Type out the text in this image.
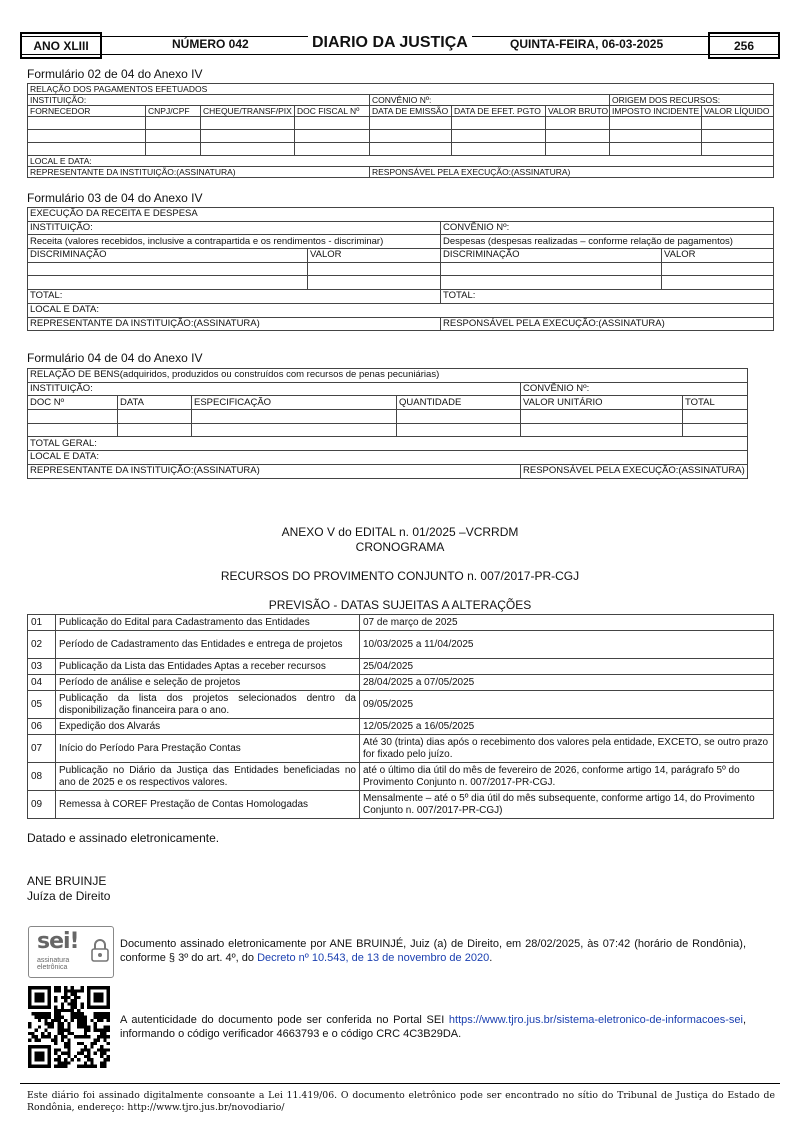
ANO XLIII	NÚMERO 042	DIARIO DA JUSTIÇA	QUINTA-FEIRA, 06-03-2025	256
Formulário 02 de 04 do Anexo IV
RELAÇÃO DOS PAGAMENTOS EFETUADOS								
INSTITUIÇÃO:				CONVÊNIO Nº:			ORIGEM DOS RECURSOS:	
FORNECEDOR	CNPJ/CPF	CHEQUE/TRANSF/PIX	DOC FISCAL Nº	DATA DE EMISSÃO	DATA DE EFET. PGTO	VALOR BRUTO	IMPOSTO INCIDENTE	VALOR LÍQUIDO

LOCAL E DATA:								
REPRESENTANTE DA INSTITUIÇÃO:(ASSINATURA)				RESPONSÁVEL PELA EXECUÇÃO:(ASSINATURA)				
Formulário 03 de 04 do Anexo IV
EXECUÇÃO DA RECEITA E DESPESA			
INSTITUIÇÃO:		CONVÊNIO Nº:	
Receita (valores recebidos, inclusive a contrapartida e os rendimentos - discriminar)		Despesas (despesas realizadas – conforme relação de pagamentos)	
DISCRIMINAÇÃO	VALOR	DISCRIMINAÇÃO	VALOR

TOTAL:		TOTAL:	
LOCAL E DATA:			
REPRESENTANTE DA INSTITUIÇÃO:(ASSINATURA)		RESPONSÁVEL PELA EXECUÇÃO:(ASSINATURA)	
Formulário 04 de 04 do Anexo IV
RELAÇÃO DE BENS(adquiridos, produzidos ou construídos com recursos de penas pecuniárias)					
INSTITUIÇÃO:				CONVÊNIO Nº:	
DOC Nº	DATA	ESPECIFICAÇÃO	QUANTIDADE	VALOR UNITÁRIO	TOTAL

TOTAL GERAL:					
LOCAL E DATA:					
REPRESENTANTE DA INSTITUIÇÃO:(ASSINATURA)				RESPONSÁVEL PELA EXECUÇÃO:(ASSINATURA)	
ANEXO V do EDITAL n. 01/2025 –VCRRDM
CRONOGRAMA
RECURSOS DO PROVIMENTO CONJUNTO n. 007/2017-PR-CGJ
PREVISÃO - DATAS SUJEITAS A ALTERAÇÕES
01	Publicação do Edital para Cadastramento das Entidades	07 de março de 2025
02	Período de Cadastramento das Entidades e entrega de projetos	10/03/2025 a 11/04/2025
03	Publicação da Lista das Entidades Aptas a receber recursos	25/04/2025
04	Período de análise e seleção de projetos	28/04/2025 a 07/05/2025
05	Publicação da lista dos projetos selecionados dentro da disponibilização financeira para o ano.	09/05/2025
06	Expedição dos Alvarás	12/05/2025 a 16/05/2025
07	Início do Período Para Prestação Contas	Até 30 (trinta) dias após o recebimento dos valores pela entidade, EXCETO, se outro prazo for fixado pelo juízo.
08	Publicação no Diário da Justiça das Entidades beneficiadas no ano de 2025 e os respectivos valores.	até o último dia útil do mês de fevereiro de 2026, conforme artigo 14, parágrafo 5º do Provimento Conjunto n. 007/2017-PR-CGJ.
09	Remessa à COREF Prestação de Contas Homologadas	Mensalmente – até o 5º dia útil do mês subsequente, conforme artigo 14, do Provimento Conjunto n. 007/2017-PR-CGJ)
Datado e assinado eletronicamente.
ANE BRUINJE
Juíza de Direito
sei!
assinatura
eletrônica
Documento assinado eletronicamente por ANE BRUINJÉ, Juiz (a) de Direito, em 28/02/2025, às 07:42 (horário de Rondônia), conforme § 3º do art. 4º, do Decreto nº 10.543, de 13 de novembro de 2020.
A autenticidade do documento pode ser conferida no Portal SEI https://www.tjro.jus.br/sistema-eletronico-de-informacoes-sei, informando o código verificador 4663793 e o código CRC 4C3B29DA.
Este diário foi assinado digitalmente consoante a Lei 11.419/06. O documento eletrônico pode ser encontrado no sítio do Tribunal de Justiça do Estado de Rondônia, endereço: http://www.tjro.jus.br/novodiario/
